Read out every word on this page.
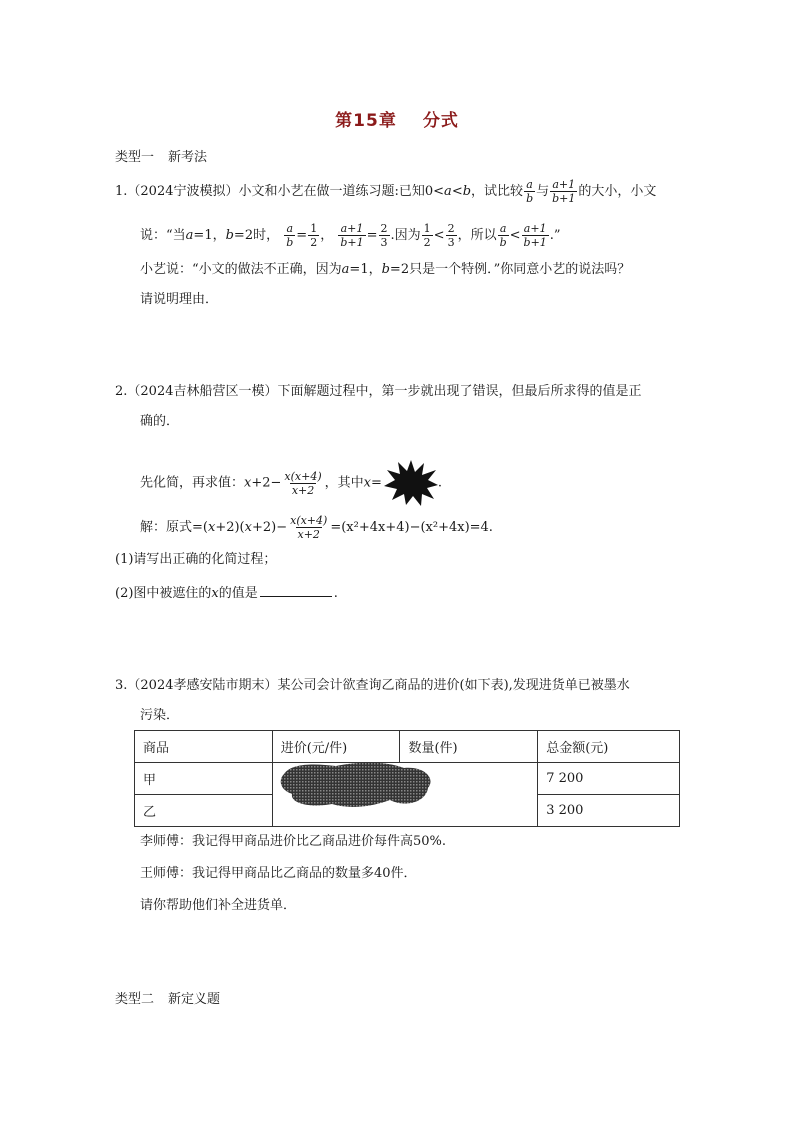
第15章 分式
类型一 新考法
1.（2024宁波模拟）小文和小艺在做一道练习题:已知0<a<b，试比较 $\frac{a}{b}$ 与 $\frac{a+1}{b+1}$ 的大小，小文
说：“当a=1，b=2时， $\frac{a}{b} = \frac{1}{2}$ ， $\frac{a+1}{b+1} = \frac{2}{3}$ .因为 $\frac{1}{2} < \frac{2}{3}$ ，所以 $\frac{a}{b} < \frac{a+1}{b+1}$ .”
小艺说：“小文的做法不正确，因为a=1，b=2只是一个特例．”你同意小艺的说法吗？
请说明理由．
2.（2024吉林船营区一模）下面解题过程中，第一步就出现了错误，但最后所求得的值是正
确的．
先化简，再求值：$x+2- \frac{x(x+4)}{x+2}$ ，其中x=	.
解：原式$=(x+2)(x+2)- \frac{x(x+4)}{x+2} =(x^2+4x+4)-(x^2+4x)=4$.
(1)请写出正确的化简过程；
(2)图中被遮住的x的值是	.
3.（2024孝感安陆市期末）某公司会计欲查询乙商品的进价(如下表),发现进货单已被墨水
污染．
商品	进价(元/件)	数量(件)	总金额(元)
甲			7 200
乙			3 200
李师傅：我记得甲商品进价比乙商品进价每件高50%.
王师傅：我记得甲商品比乙商品的数量多40件．
请你帮助他们补全进货单．
类型二 新定义题
